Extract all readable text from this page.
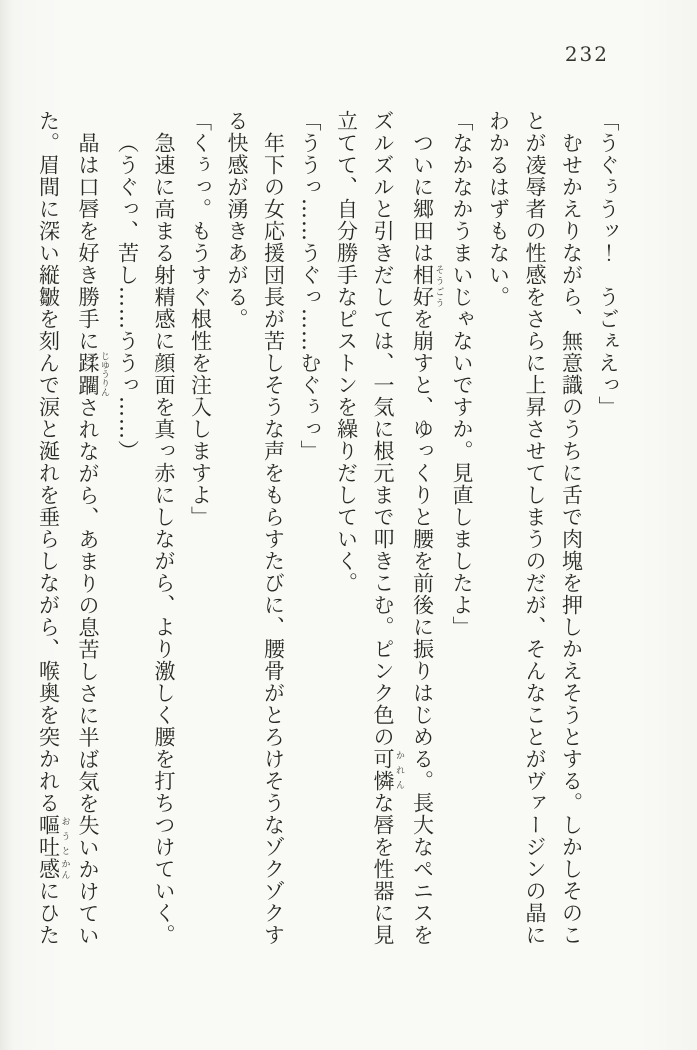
232

「うぐぅうッ！　うごぇえっ」

むせかえりながら、無意識のうちに舌で肉塊を押しかえそうとする。しかしそのこ

とが凌辱者の性感をさらに上昇させてしまうのだが、そんなことがヴァージンの晶に

わかるはずもない。

「なかなかうまいじゃないですか。見直しましたよ」

ついに郷田は相好 そうごうを崩すと、ゆっくりと腰を前後に振りはじめる。長大なペニスを

ズルズルと引きだしては、一気に根元まで叩きこむ。ピンク色の可憐 かれんな唇を性器に見

立てて、自分勝手なピストンを繰りだしていく。

「ううっ……うぐっ……むぐぅっ」

年下の女応援団長が苦しそうな声をもらすたびに、腰骨がとろけそうなゾクゾクす

る快感が湧きあがる。

「くぅっ。もうすぐ根性を注入しますよ」

急速に高まる射精感に顔面を真っ赤にしながら、より激しく腰を打ちつけていく。

（うぐっ、苦し……ううっ……）

晶は口唇を好き勝手に蹂躙 じゆうりんされながら、あまりの息苦しさに半ば気を失いかけてい

た。眉間に深い縦皺を刻んで涙と涎れを垂らしながら、喉奥を突かれる嘔吐 おうと感 かんにひた
